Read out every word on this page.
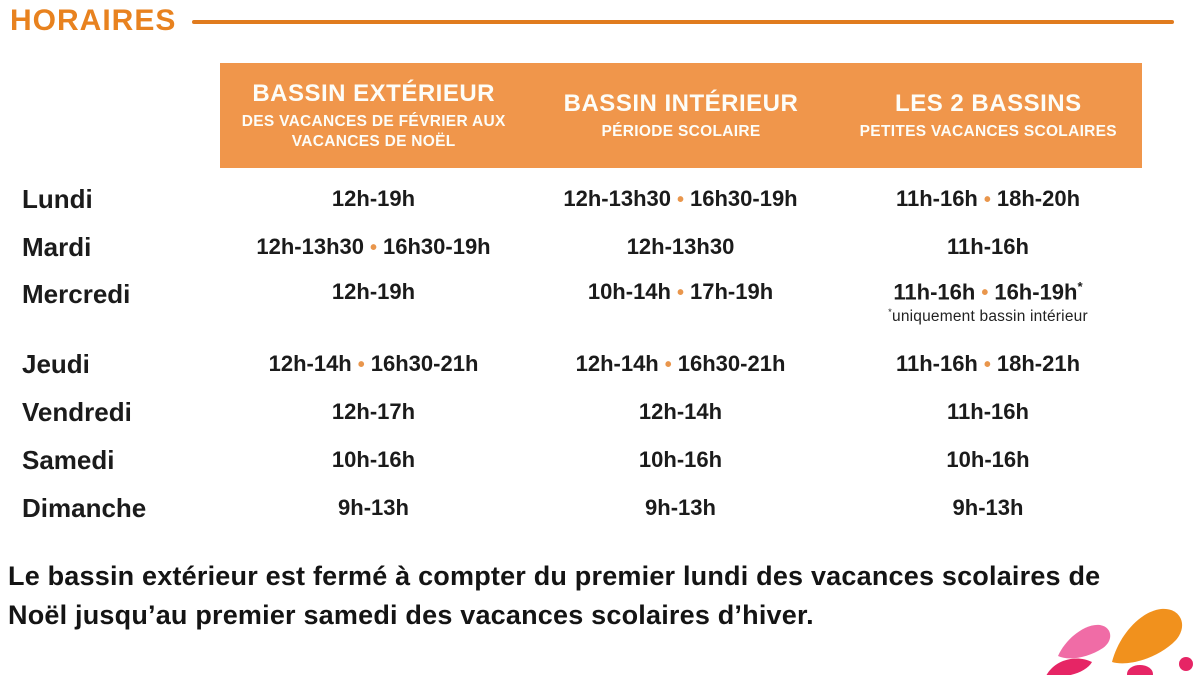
HORAIRES
BASSIN EXTÉRIEUR
DES VACANCES DE FÉVRIER AUX VACANCES DE NOËL
BASSIN INTÉRIEUR
PÉRIODE SCOLAIRE
LES 2 BASSINS
PETITES VACANCES SCOLAIRES
Lundi	12h-19h	12h-13h30 • 16h30-19h	11h-16h • 18h-20h
Mardi	12h-13h30 • 16h30-19h	12h-13h30	11h-16h
Mercredi	12h-19h	10h-14h • 17h-19h	11h-16h • 16h-19h*
*uniquement bassin intérieur
Jeudi	12h-14h • 16h30-21h	12h-14h • 16h30-21h	11h-16h • 18h-21h
Vendredi	12h-17h	12h-14h	11h-16h
Samedi	10h-16h	10h-16h	10h-16h
Dimanche	9h-13h	9h-13h	9h-13h

Le bassin extérieur est fermé à compter du premier lundi des vacances scolaires de Noël jusqu’au premier samedi des vacances scolaires d’hiver.
